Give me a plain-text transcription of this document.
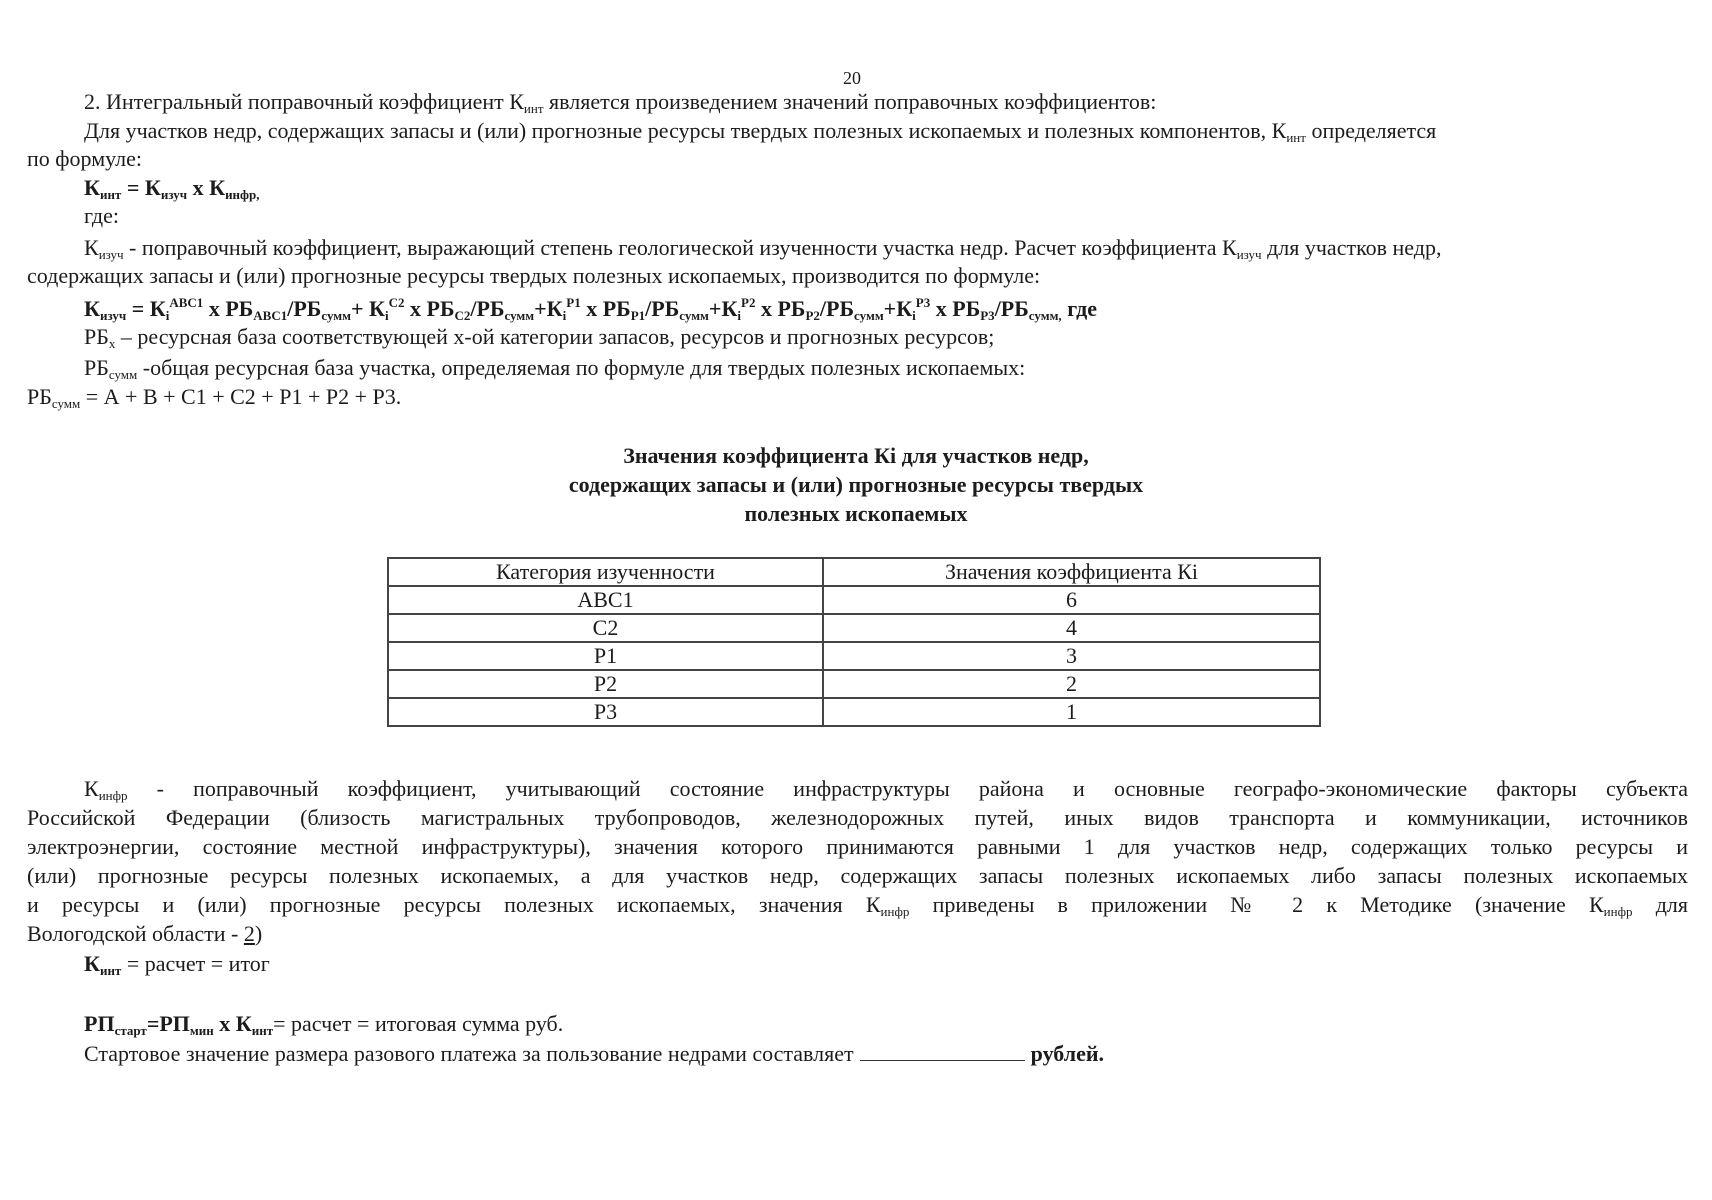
20
2. Интегральный поправочный коэффициент $К_{инт}$ является произведением значений поправочных коэффициентов:
Для участков недр, содержащих запасы и (или) прогнозные ресурсы твердых полезных ископаемых и полезных компонентов, $К_{инт}$ определяется
по формуле:
$К_{инт} = К_{изуч}$ х $К_{инфр,}$
где:
$К_{изуч}$ - поправочный коэффициент, выражающий степень геологической изученности участка недр. Расчет коэффициента $К_{изуч}$ для участков недр,
содержащих запасы и (или) прогнозные ресурсы твердых полезных ископаемых, производится по формуле:
$К_{изуч} = К_i^{ABC1}$ х $РБ_{ABC1}/РБ_{сумм}+ К_i^{C2}$ х $РБ_{C2}/РБ_{сумм}+К_i^{P1}$ х $РБ_{P1}/РБ_{сумм}+К_i^{P2}$ х $РБ_{P2}/РБ_{сумм}+К_i^{P3}$ х $РБ_{P3}/РБ_{сумм,}$ где
$РБ_х$ – ресурсная база соответствующей х-ой категории запасов, ресурсов и прогнозных ресурсов;
$РБ_{сумм}$ -общая ресурсная база участка, определяемая по формуле для твердых полезных ископаемых:
$РБ_{сумм} = А + В + С1 + С2 + Р1 + Р2 + Р3$.
Значения коэффициента Кi для участков недр,
содержащих запасы и (или) прогнозные ресурсы твердых
полезных ископаемых
Категория изученности	Значения коэффициента Кi
ABC1	6
C2	4
P1	3
P2	2
P3	1
$К_{инфр}$ - поправочный коэффициент, учитывающий состояние инфраструктуры района и основные географо-экономические факторы субъекта
Российской Федерации (близость магистральных трубопроводов, железнодорожных путей, иных видов транспорта и коммуникации, источников
электроэнергии, состояние местной инфраструктуры), значения которого принимаются равными 1 для участков недр, содержащих только ресурсы и
(или) прогнозные ресурсы полезных ископаемых, а для участков недр, содержащих запасы полезных ископаемых либо запасы полезных ископаемых
и ресурсы и (или) прогнозные ресурсы полезных ископаемых, значения $К_{инфр}$ приведены в приложении № 2 к Методике (значение $К_{инфр}$ для
Вологодской области - 2)
$К_{инт}$ = расчет = итог
$РП_{старт}=РП_{мин}$ х $К_{инт}=$ расчет = итоговая сумма руб.
Стартовое значение размера разового платежа за пользование недрами составляет	рублей.
